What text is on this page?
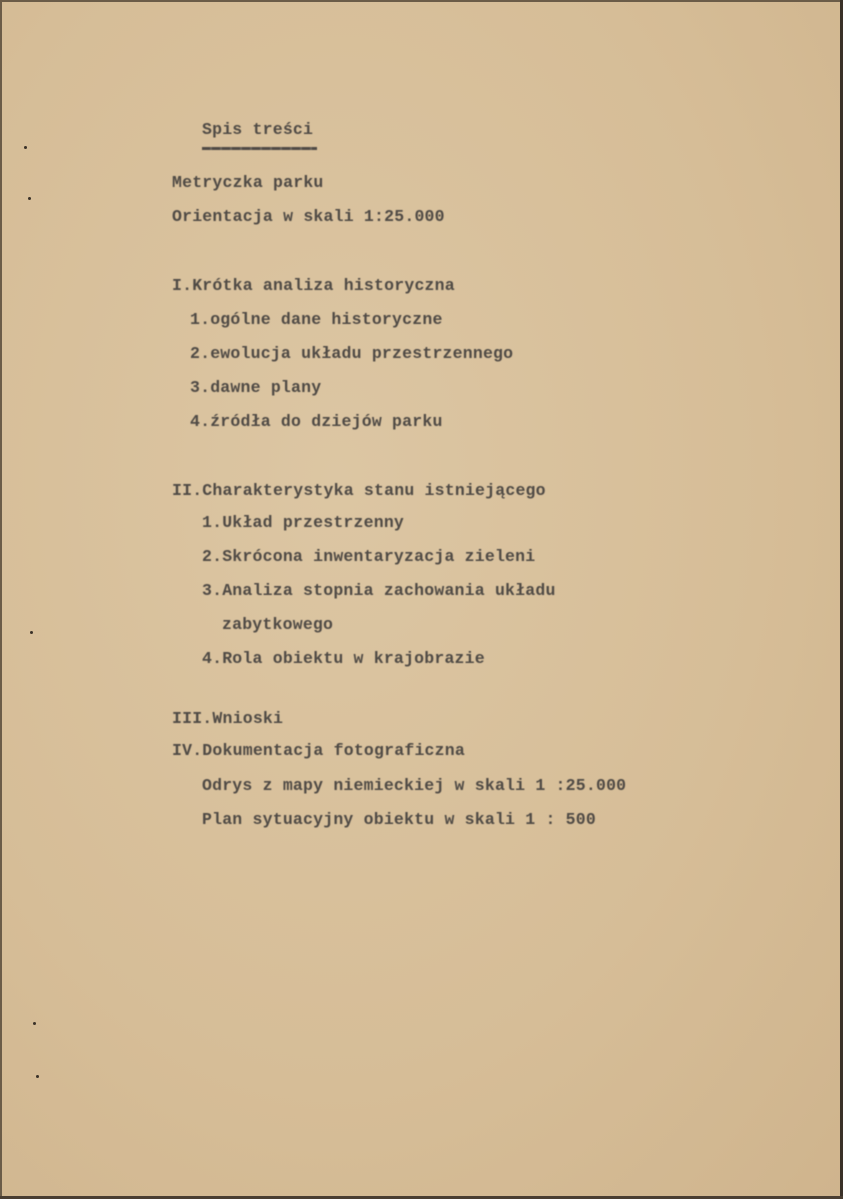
Spis treści
Metryczka parku
Orientacja w skali 1:25.000
I.Krótka analiza historyczna
1.ogólne dane historyczne
2.ewolucja układu przestrzennego
3.dawne plany
4.źródła do dziejów parku
II.Charakterystyka stanu istniejącego
1.Układ przestrzenny
2.Skrócona inwentaryzacja zieleni
3.Analiza stopnia zachowania układu
zabytkowego
4.Rola obiektu w krajobrazie
III.Wnioski
IV.Dokumentacja fotograficzna
Odrys z mapy niemieckiej w skali 1 :25.000
Plan sytuacyjny obiektu w skali 1 : 500
